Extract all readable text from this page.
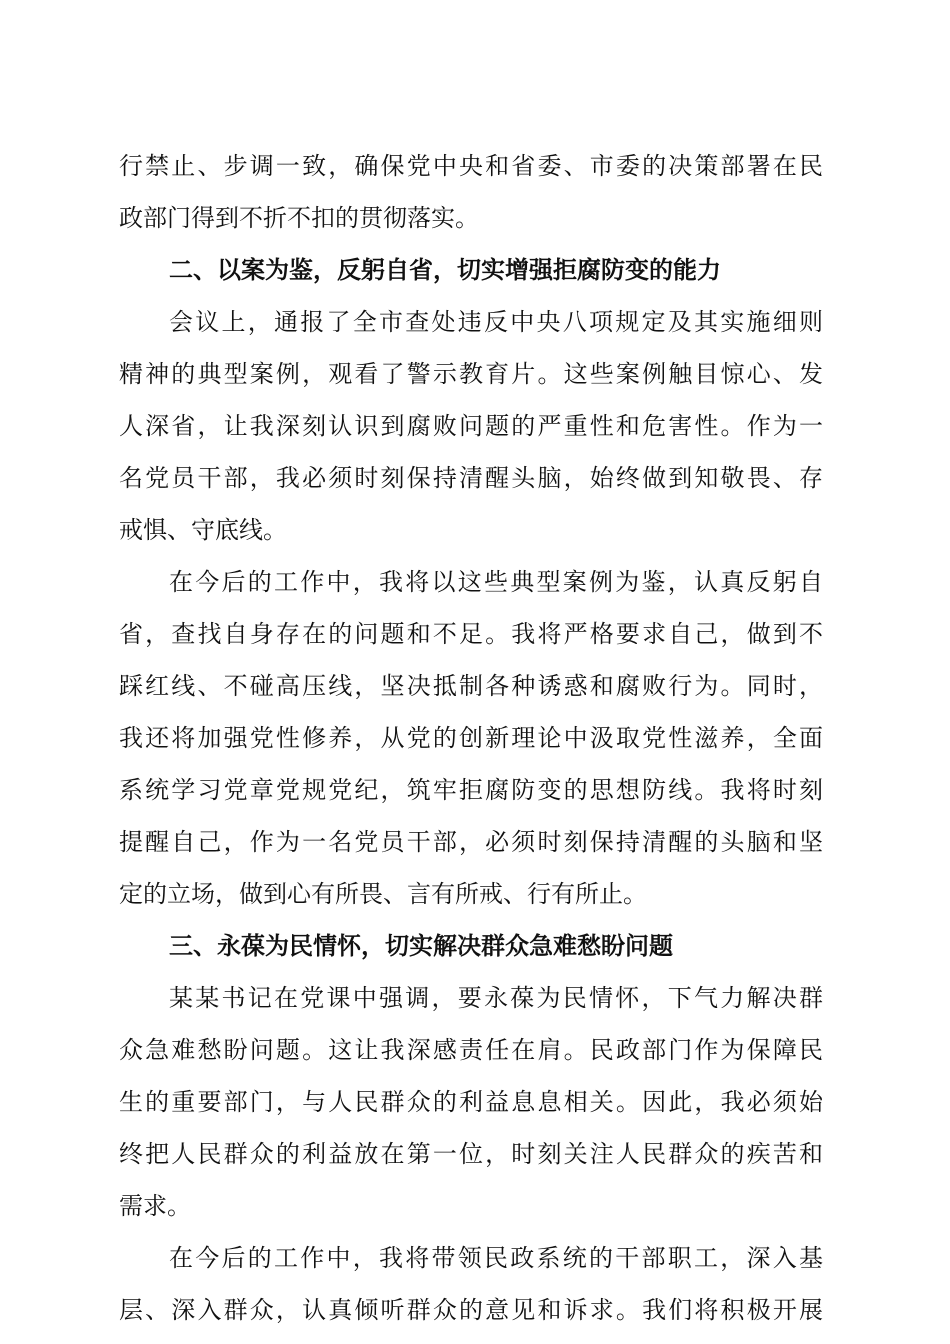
行禁止、步调一致，确保党中央和省委、市委的决策部署在民
政部门得到不折不扣的贯彻落实。
二、以案为鉴，反躬自省，切实增强拒腐防变的能力
会议上，通报了全市查处违反中央八项规定及其实施细则
精神的典型案例，观看了警示教育片。这些案例触目惊心、发
人深省，让我深刻认识到腐败问题的严重性和危害性。作为一
名党员干部，我必须时刻保持清醒头脑，始终做到知敬畏、存
戒惧、守底线。
在今后的工作中，我将以这些典型案例为鉴，认真反躬自
省，查找自身存在的问题和不足。我将严格要求自己，做到不
踩红线、不碰高压线，坚决抵制各种诱惑和腐败行为。同时，
我还将加强党性修养，从党的创新理论中汲取党性滋养，全面
系统学习党章党规党纪，筑牢拒腐防变的思想防线。我将时刻
提醒自己，作为一名党员干部，必须时刻保持清醒的头脑和坚
定的立场，做到心有所畏、言有所戒、行有所止。
三、永葆为民情怀，切实解决群众急难愁盼问题
某某书记在党课中强调，要永葆为民情怀，下气力解决群
众急难愁盼问题。这让我深感责任在肩。民政部门作为保障民
生的重要部门，与人民群众的利益息息相关。因此，我必须始
终把人民群众的利益放在第一位，时刻关注人民群众的疾苦和
需求。
在今后的工作中，我将带领民政系统的干部职工，深入基
层、深入群众，认真倾听群众的意见和诉求。我们将积极开展
